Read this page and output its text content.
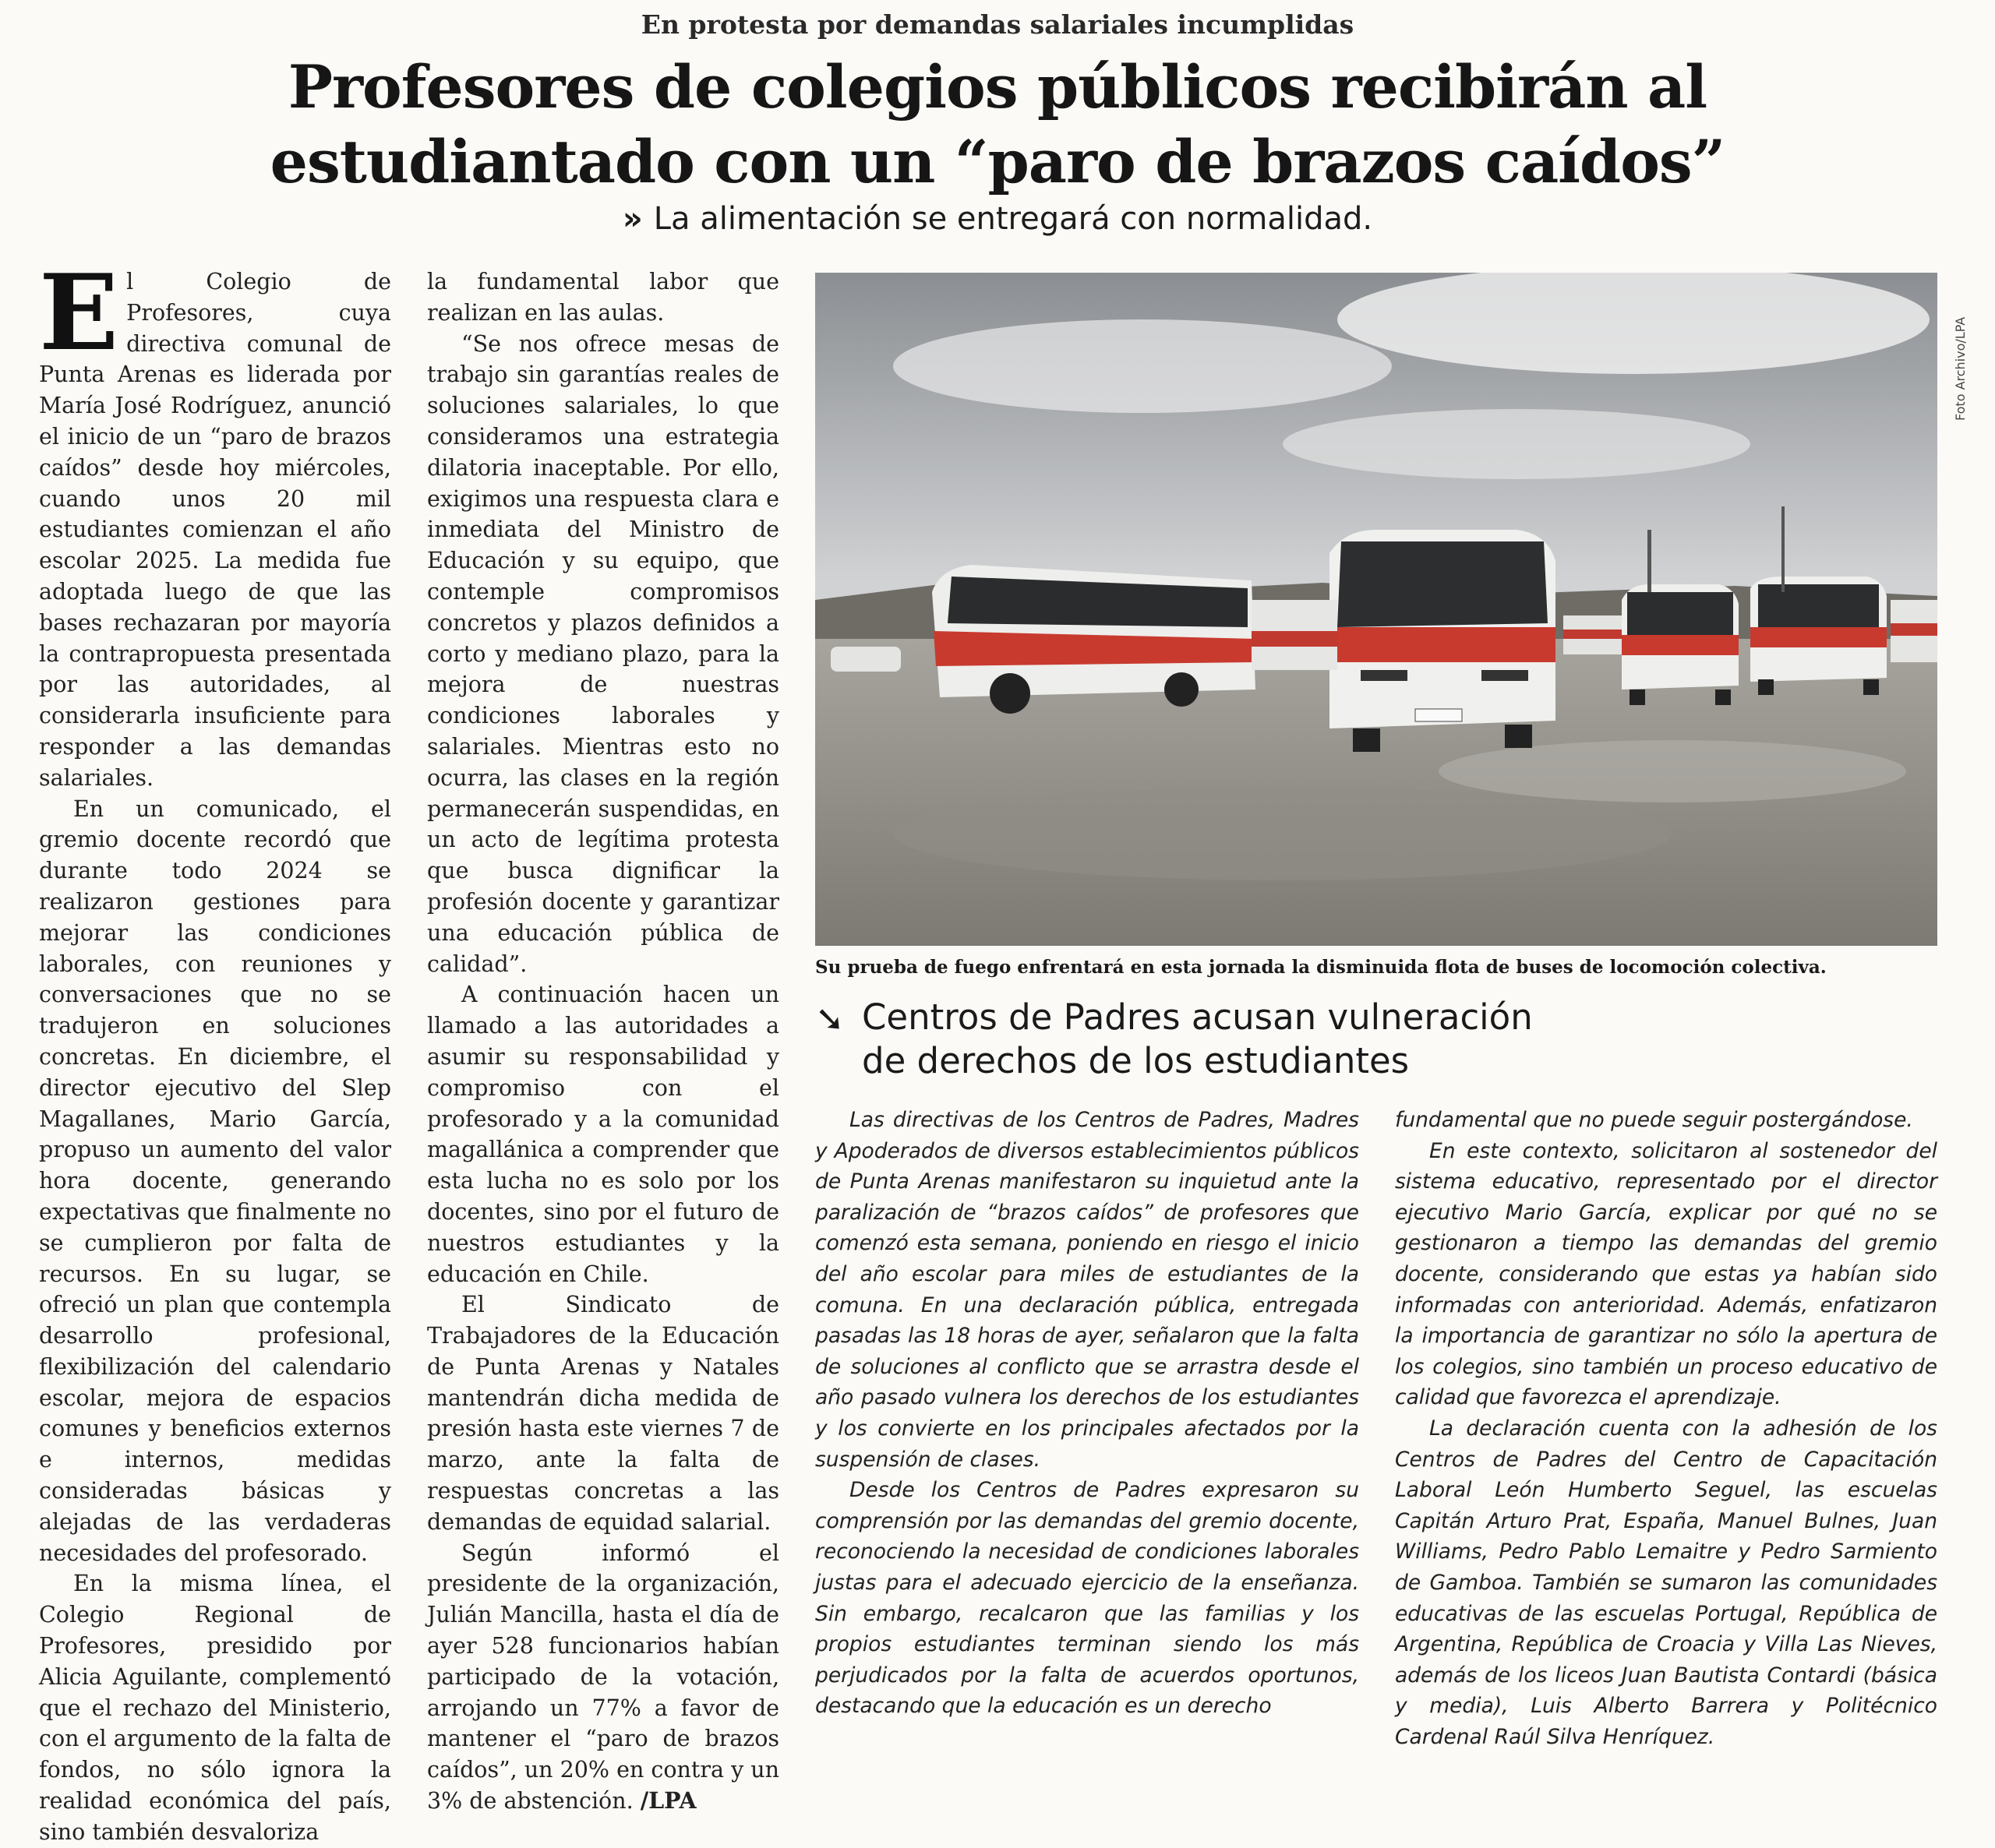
En protesta por demandas salariales incumplidas
Profesores de colegios públicos recibirán al
estudiantado con un “paro de brazos caídos”
» La alimentación se entregará con normalidad.

El Colegio de Profesores, cuya directiva comunal de Punta Arenas es liderada por María José Rodríguez, anunció el inicio de un “paro de brazos caídos” desde hoy miércoles, cuando unos 20 mil estudiantes comienzan el año escolar 2025. La medida fue adoptada luego de que las bases rechazaran por mayoría la contrapropuesta presentada por las autoridades, al considerarla insuficiente para responder a las demandas salariales.

En un comunicado, el gremio docente recordó que durante todo 2024 se realizaron gestiones para mejorar las condiciones laborales, con reuniones y conversaciones que no se tradujeron en soluciones concretas. En diciembre, el director ejecutivo del Slep Magallanes, Mario García, propuso un aumento del valor hora docente, generando expectativas que finalmente no se cumplieron por falta de recursos. En su lugar, se ofreció un plan que contempla desarrollo profesional, flexibilización del calendario escolar, mejora de espacios comunes y beneficios externos e internos, medidas consideradas básicas y alejadas de las verdaderas necesidades del profesorado.

En la misma línea, el Colegio Regional de Profesores, presidido por Alicia Aguilante, complementó que el rechazo del Ministerio, con el argumento de la falta de fondos, no sólo ignora la realidad económica del país, sino también desvaloriza

la fundamental labor que realizan en las aulas.

“Se nos ofrece mesas de trabajo sin garantías reales de soluciones salariales, lo que consideramos una estrategia dilatoria inaceptable. Por ello, exigimos una respuesta clara e inmediata del Ministro de Educación y su equipo, que contemple compromisos concretos y plazos definidos a corto y mediano plazo, para la mejora de nuestras condiciones laborales y salariales. Mientras esto no ocurra, las clases en la región permanecerán suspendidas, en un acto de legítima protesta que busca dignificar la profesión docente y garantizar una educación pública de calidad”.

A continuación hacen un llamado a las autoridades a asumir su responsabilidad y compromiso con el profesorado y a la comunidad magallánica a comprender que esta lucha no es solo por los docentes, sino por el futuro de nuestros estudiantes y la educación en Chile.

El Sindicato de Trabajadores de la Educación de Punta Arenas y Natales mantendrán dicha medida de presión hasta este viernes 7 de marzo, ante la falta de respuestas concretas a las demandas de equidad salarial.

Según informó el presidente de la organización, Julián Mancilla, hasta el día de ayer 528 funcionarios habían participado de la votación, arrojando un 77% a favor de mantener el “paro de brazos caídos”, un 20% en contra y un 3% de abstención. /LPA

Foto Archivo/LPA
Su prueba de fuego enfrentará en esta jornada la disminuida flota de buses de locomoción colectiva.
➘ Centros de Padres acusan vulneración
de derechos de los estudiantes

Las directivas de los Centros de Padres, Madres y Apoderados de diversos establecimientos públicos de Punta Arenas manifestaron su inquietud ante la paralización de “brazos caídos” de profesores que comenzó esta semana, poniendo en riesgo el inicio del año escolar para miles de estudiantes de la comuna. En una declaración pública, entregada pasadas las 18 horas de ayer, señalaron que la falta de soluciones al conflicto que se arrastra desde el año pasado vulnera los derechos de los estudiantes y los convierte en los principales afectados por la suspensión de clases.

Desde los Centros de Padres expresaron su comprensión por las demandas del gremio docente, reconociendo la necesidad de condiciones laborales justas para el adecuado ejercicio de la enseñanza. Sin embargo, recalcaron que las familias y los propios estudiantes terminan siendo los más perjudicados por la falta de acuerdos oportunos, destacando que la educación es un derecho

fundamental que no puede seguir postergándose.

En este contexto, solicitaron al sostenedor del sistema educativo, representado por el director ejecutivo Mario García, explicar por qué no se gestionaron a tiempo las demandas del gremio docente, considerando que estas ya habían sido informadas con anterioridad. Además, enfatizaron la importancia de garantizar no sólo la apertura de los colegios, sino también un proceso educativo de calidad que favorezca el aprendizaje.

La declaración cuenta con la adhesión de los Centros de Padres del Centro de Capacitación Laboral León Humberto Seguel, las escuelas Capitán Arturo Prat, España, Manuel Bulnes, Juan Williams, Pedro Pablo Lemaitre y Pedro Sarmiento de Gamboa. También se sumaron las comunidades educativas de las escuelas Portugal, República de Argentina, República de Croacia y Villa Las Nieves, además de los liceos Juan Bautista Contardi (básica y media), Luis Alberto Barrera y Politécnico Cardenal Raúl Silva Henríquez.
